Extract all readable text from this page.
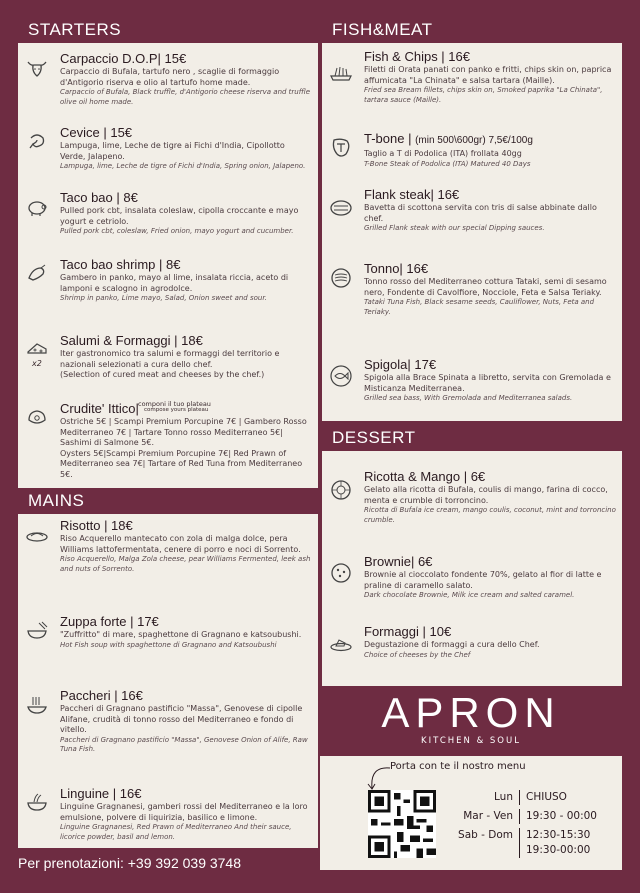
STARTERS
Carpaccio D.O.P| 15€
Carpaccio di Bufala, tartufo nero , scaglie di formaggio d'Antigorio riserva e olio al tartufo home made.
Carpaccio of Bufala, Black truffle, d'Antigorio cheese riserva and truffle olive oil home made.
Cevice | 15€
Lampuga, lime, Leche de tigre ai Fichi d'India, Cipollotto Verde, Jalapeno.
Lampuga, lime, Leche de tigre of Fichi d'India, Spring onion, Jalapeno.
Taco bao | 8€
Pulled pork cbt, insalata coleslaw, cipolla croccante e mayo yogurt e cetriolo.
Pulled pork cbt, coleslaw, Fried onion, mayo yogurt and cucumber.
Taco bao shrimp | 8€
Gambero in panko, mayo al lime, insalata riccia, aceto di lamponi e scalogno in agrodolce.
Shrimp in panko, Lime mayo, Salad, Onion sweet and sour.
x2
Salumi & Formaggi | 18€
Iter gastronomico tra salumi e formaggi del territorio e nazionali selezionati a cura dello chef.
(Selection of cured meat and cheeses by the chef.)
Crudite' Ittico| componi il tuo plateau
compose yours plateau
Ostriche 5€ | Scampi Premium Porcupine 7€ | Gambero Rosso Mediterraneo 7€ | Tartare Tonno rosso Mediterraneo 5€| Sashimi di Salmone 5€.
Oysters 5€|Scampi Premium Porcupine 7€| Red Prawn of Mediterraneo sea 7€| Tartare of Red Tuna from Mediterraneo 5€.
MAINS
Risotto | 18€
Riso Acquerello mantecato con zola di malga dolce, pera Williams lattofermentata, cenere di porro e noci di Sorrento.
Riso Acquerello, Malga Zola cheese, pear Williams Fermented, leek ash and nuts of Sorrento.
Zuppa forte | 17€
"Zuffritto" di mare, spaghettone di Gragnano e katsoubushi.
Hot Fish soup with spaghettone di Gragnano and Katsoubushi
Paccheri | 16€
Paccheri di Gragnano pastificio "Massa", Genovese di cipolle Alifane, crudità di tonno rosso del Mediterraneo e fondo di vitello.
Paccheri di Gragnano pastificio "Massa", Genovese Onion of Alife, Raw Tuna Fish.
Linguine | 16€
Linguine Gragnanesi, gamberi rossi del Mediterraneo e la loro emulsione, polvere di liquirizia, basilico e limone.
Linguine Gragnanesi, Red Prawn of Mediterraneo And their sauce, licorice powder, basil and lemon.
Per prenotazioni: +39 392 039 3748
FISH&MEAT
Fish & Chips | 16€
Filetti di Orata panati con panko e fritti, chips skin on, paprica affumicata "La Chinata" e salsa tartara (Maille).
Fried sea Bream fillets, chips skin on, Smoked paprika "La Chinata", tartara sauce (Maille).
T-bone | (min 500\600gr) 7,5€/100g
Taglio a T di Podolica (ITA) frollata 40gg
T-Bone Steak of Podolica (ITA) Matured 40 Days
Flank steak| 16€
Bavetta di scottona servita con tris di salse abbinate dallo chef.
Grilled Flank steak with our special Dipping sauces.
Tonno| 16€
Tonno rosso del Mediterraneo cottura Tataki, semi di sesamo nero, Fondente di Cavolfiore, Nocciole, Feta e Salsa Teriaky.
Tataki Tuna Fish, Black sesame seeds, Cauliflower, Nuts, Feta and Teriaky.
Spigola| 17€
Spigola alla Brace Spinata a libretto, servita con Gremolada e Misticanza Mediterranea.
Grilled sea bass, With Gremolada and Mediterranea salads.
DESSERT
Ricotta & Mango | 6€
Gelato alla ricotta di Bufala, coulis di mango, farina di cocco, menta e crumble di torroncino.
Ricotta di Bufala ice cream, mango coulis, coconut, mint and torroncino crumble.
Brownie| 6€
Brownie al cioccolato fondente 70%, gelato al fior di latte e praline di caramello salato.
Dark chocolate Brownie, Milk ice cream and salted caramel.
Formaggi | 10€
Degustazione di formaggi a cura dello Chef.
Choice of cheeses by the Chef
APRON
KITCHEN & SOUL
Porta con te il nostro menu
Lun	CHIUSO
Mar - Ven	19:30 - 00:00
Sab - Dom	12:30-15:30
19:30-00:00
